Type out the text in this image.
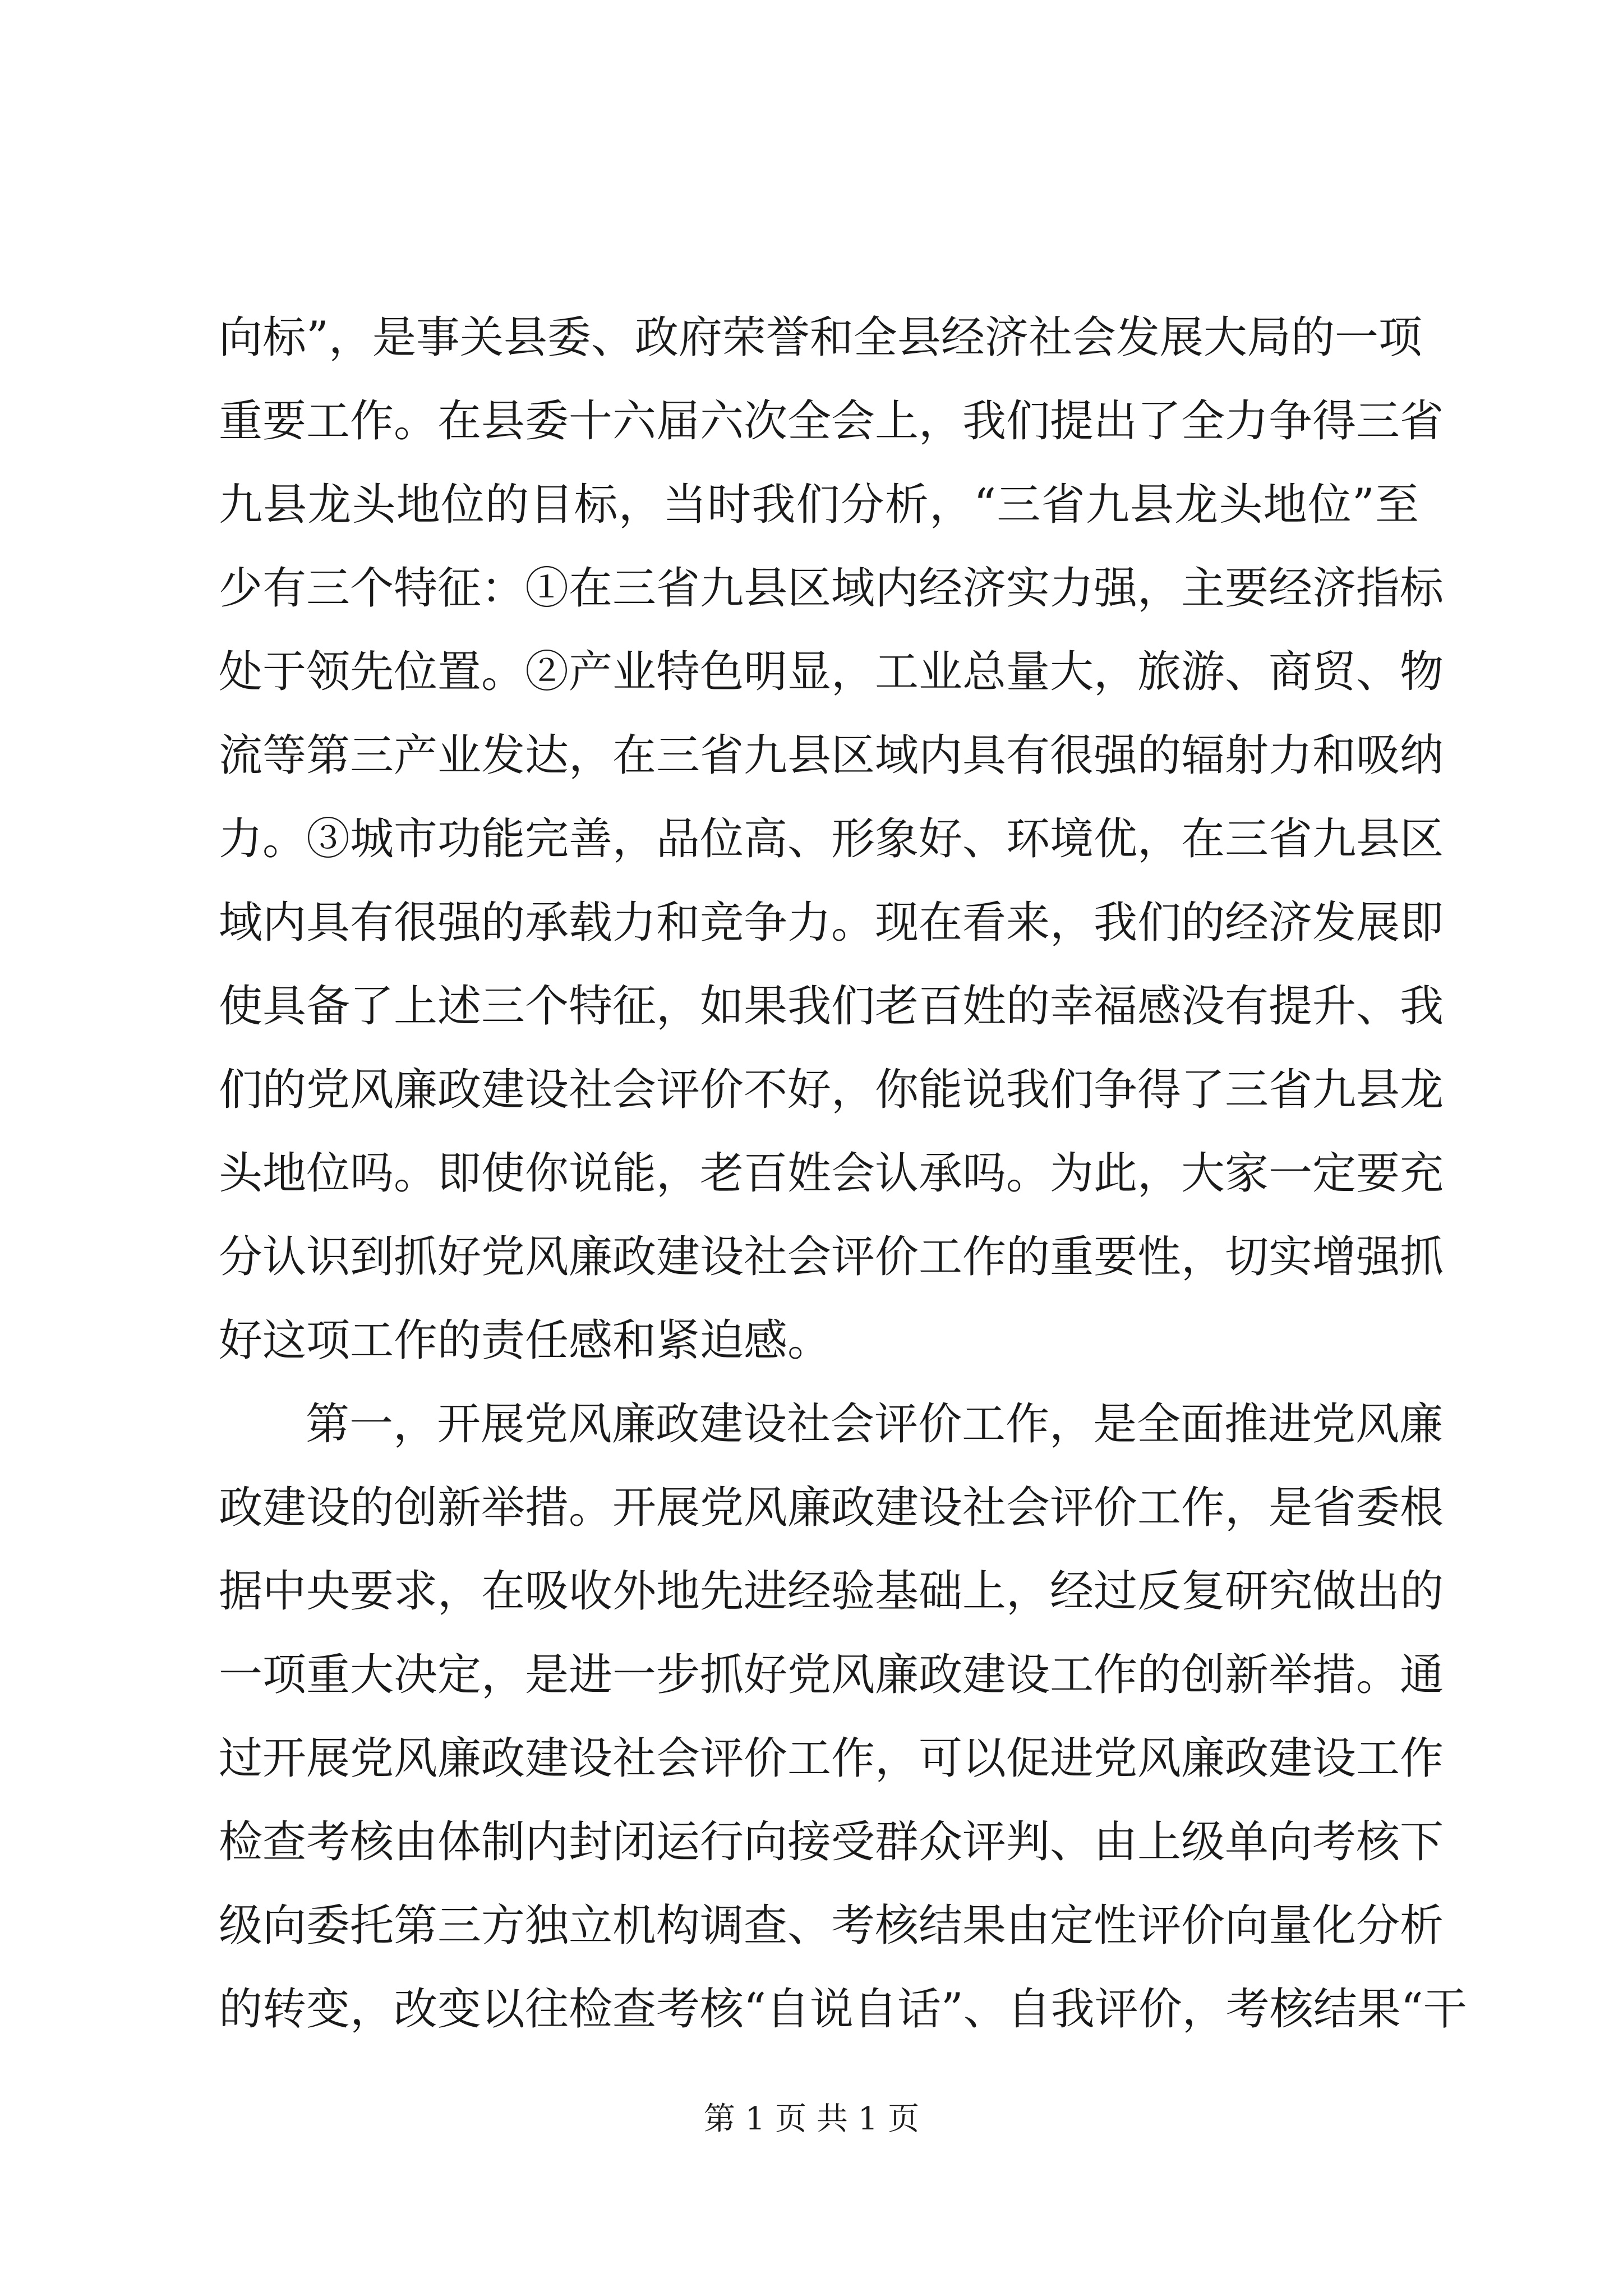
向标”，是事关县委、政府荣誉和全县经济社会发展大局的一项
重要工作。在县委十六届六次全会上，我们提出了全力争得三省
九县龙头地位的目标，当时我们分析，“三省九县龙头地位”至
少有三个特征：①在三省九县区域内经济实力强，主要经济指标
处于领先位置。②产业特色明显，工业总量大，旅游、商贸、物
流等第三产业发达，在三省九县区域内具有很强的辐射力和吸纳
力。③城市功能完善，品位高、形象好、环境优，在三省九县区
域内具有很强的承载力和竞争力。现在看来，我们的经济发展即
使具备了上述三个特征，如果我们老百姓的幸福感没有提升、我
们的党风廉政建设社会评价不好，你能说我们争得了三省九县龙
头地位吗。即使你说能，老百姓会认承吗。为此，大家一定要充
分认识到抓好党风廉政建设社会评价工作的重要性，切实增强抓
好这项工作的责任感和紧迫感。
第一，开展党风廉政建设社会评价工作，是全面推进党风廉
政建设的创新举措。开展党风廉政建设社会评价工作，是省委根
据中央要求，在吸收外地先进经验基础上，经过反复研究做出的
一项重大决定，是进一步抓好党风廉政建设工作的创新举措。通
过开展党风廉政建设社会评价工作，可以促进党风廉政建设工作
检查考核由体制内封闭运行向接受群众评判、由上级单向考核下
级向委托第三方独立机构调查、考核结果由定性评价向量化分析
的转变，改变以往检查考核“自说自话”、自我评价，考核结果“干
第 1 页 共 1 页
